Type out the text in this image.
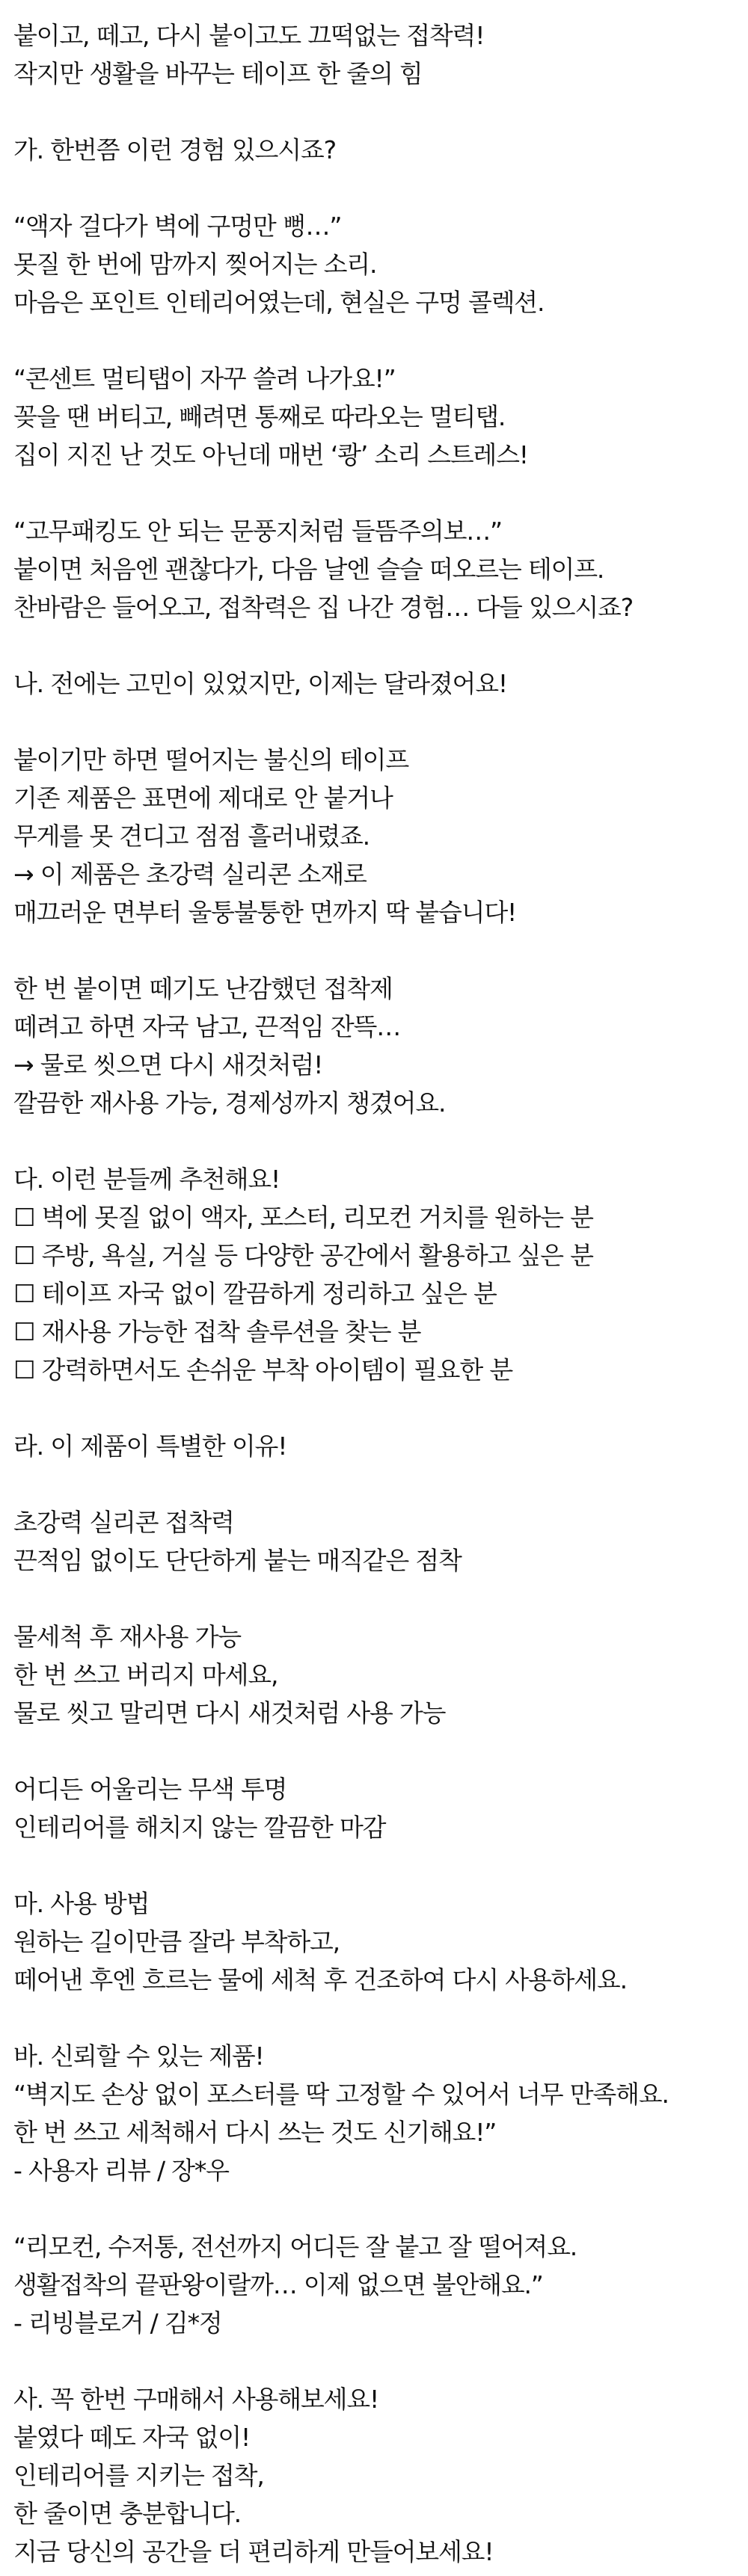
붙이고, 떼고, 다시 붙이고도 끄떡없는 접착력!
작지만 생활을 바꾸는 테이프 한 줄의 힘
가. 한번쯤 이런 경험 있으시죠?
“액자 걸다가 벽에 구멍만 뻥…”
못질 한 번에 맘까지 찢어지는 소리.
마음은 포인트 인테리어였는데, 현실은 구멍 콜렉션.
“콘센트 멀티탭이 자꾸 쓸려 나가요!”
꽂을 땐 버티고, 빼려면 통째로 따라오는 멀티탭.
집이 지진 난 것도 아닌데 매번 ‘쾅’ 소리 스트레스!
“고무패킹도 안 되는 문풍지처럼 들뜸주의보…”
붙이면 처음엔 괜찮다가, 다음 날엔 슬슬 떠오르는 테이프.
찬바람은 들어오고, 접착력은 집 나간 경험… 다들 있으시죠?
나. 전에는 고민이 있었지만, 이제는 달라졌어요!
붙이기만 하면 떨어지는 불신의 테이프
기존 제품은 표면에 제대로 안 붙거나
무게를 못 견디고 점점 흘러내렸죠.
→ 이 제품은 초강력 실리콘 소재로
매끄러운 면부터 울퉁불퉁한 면까지 딱 붙습니다!
한 번 붙이면 떼기도 난감했던 접착제
떼려고 하면 자국 남고, 끈적임 잔뜩…
→ 물로 씻으면 다시 새것처럼!
깔끔한 재사용 가능, 경제성까지 챙겼어요.
다. 이런 분들께 추천해요!
☐ 벽에 못질 없이 액자, 포스터, 리모컨 거치를 원하는 분
☐ 주방, 욕실, 거실 등 다양한 공간에서 활용하고 싶은 분
☐ 테이프 자국 없이 깔끔하게 정리하고 싶은 분
☐ 재사용 가능한 접착 솔루션을 찾는 분
☐ 강력하면서도 손쉬운 부착 아이템이 필요한 분
라. 이 제품이 특별한 이유!
초강력 실리콘 접착력
끈적임 없이도 단단하게 붙는 매직같은 점착
물세척 후 재사용 가능
한 번 쓰고 버리지 마세요,
물로 씻고 말리면 다시 새것처럼 사용 가능
어디든 어울리는 무색 투명
인테리어를 해치지 않는 깔끔한 마감
마. 사용 방법
원하는 길이만큼 잘라 부착하고,
떼어낸 후엔 흐르는 물에 세척 후 건조하여 다시 사용하세요.
바. 신뢰할 수 있는 제품!
“벽지도 손상 없이 포스터를 딱 고정할 수 있어서 너무 만족해요.
한 번 쓰고 세척해서 다시 쓰는 것도 신기해요!”
- 사용자 리뷰 / 장*우
“리모컨, 수저통, 전선까지 어디든 잘 붙고 잘 떨어져요.
생활접착의 끝판왕이랄까… 이제 없으면 불안해요.”
- 리빙블로거 / 김*정
사. 꼭 한번 구매해서 사용해보세요!
붙였다 떼도 자국 없이!
인테리어를 지키는 접착,
한 줄이면 충분합니다.
지금 당신의 공간을 더 편리하게 만들어보세요!
